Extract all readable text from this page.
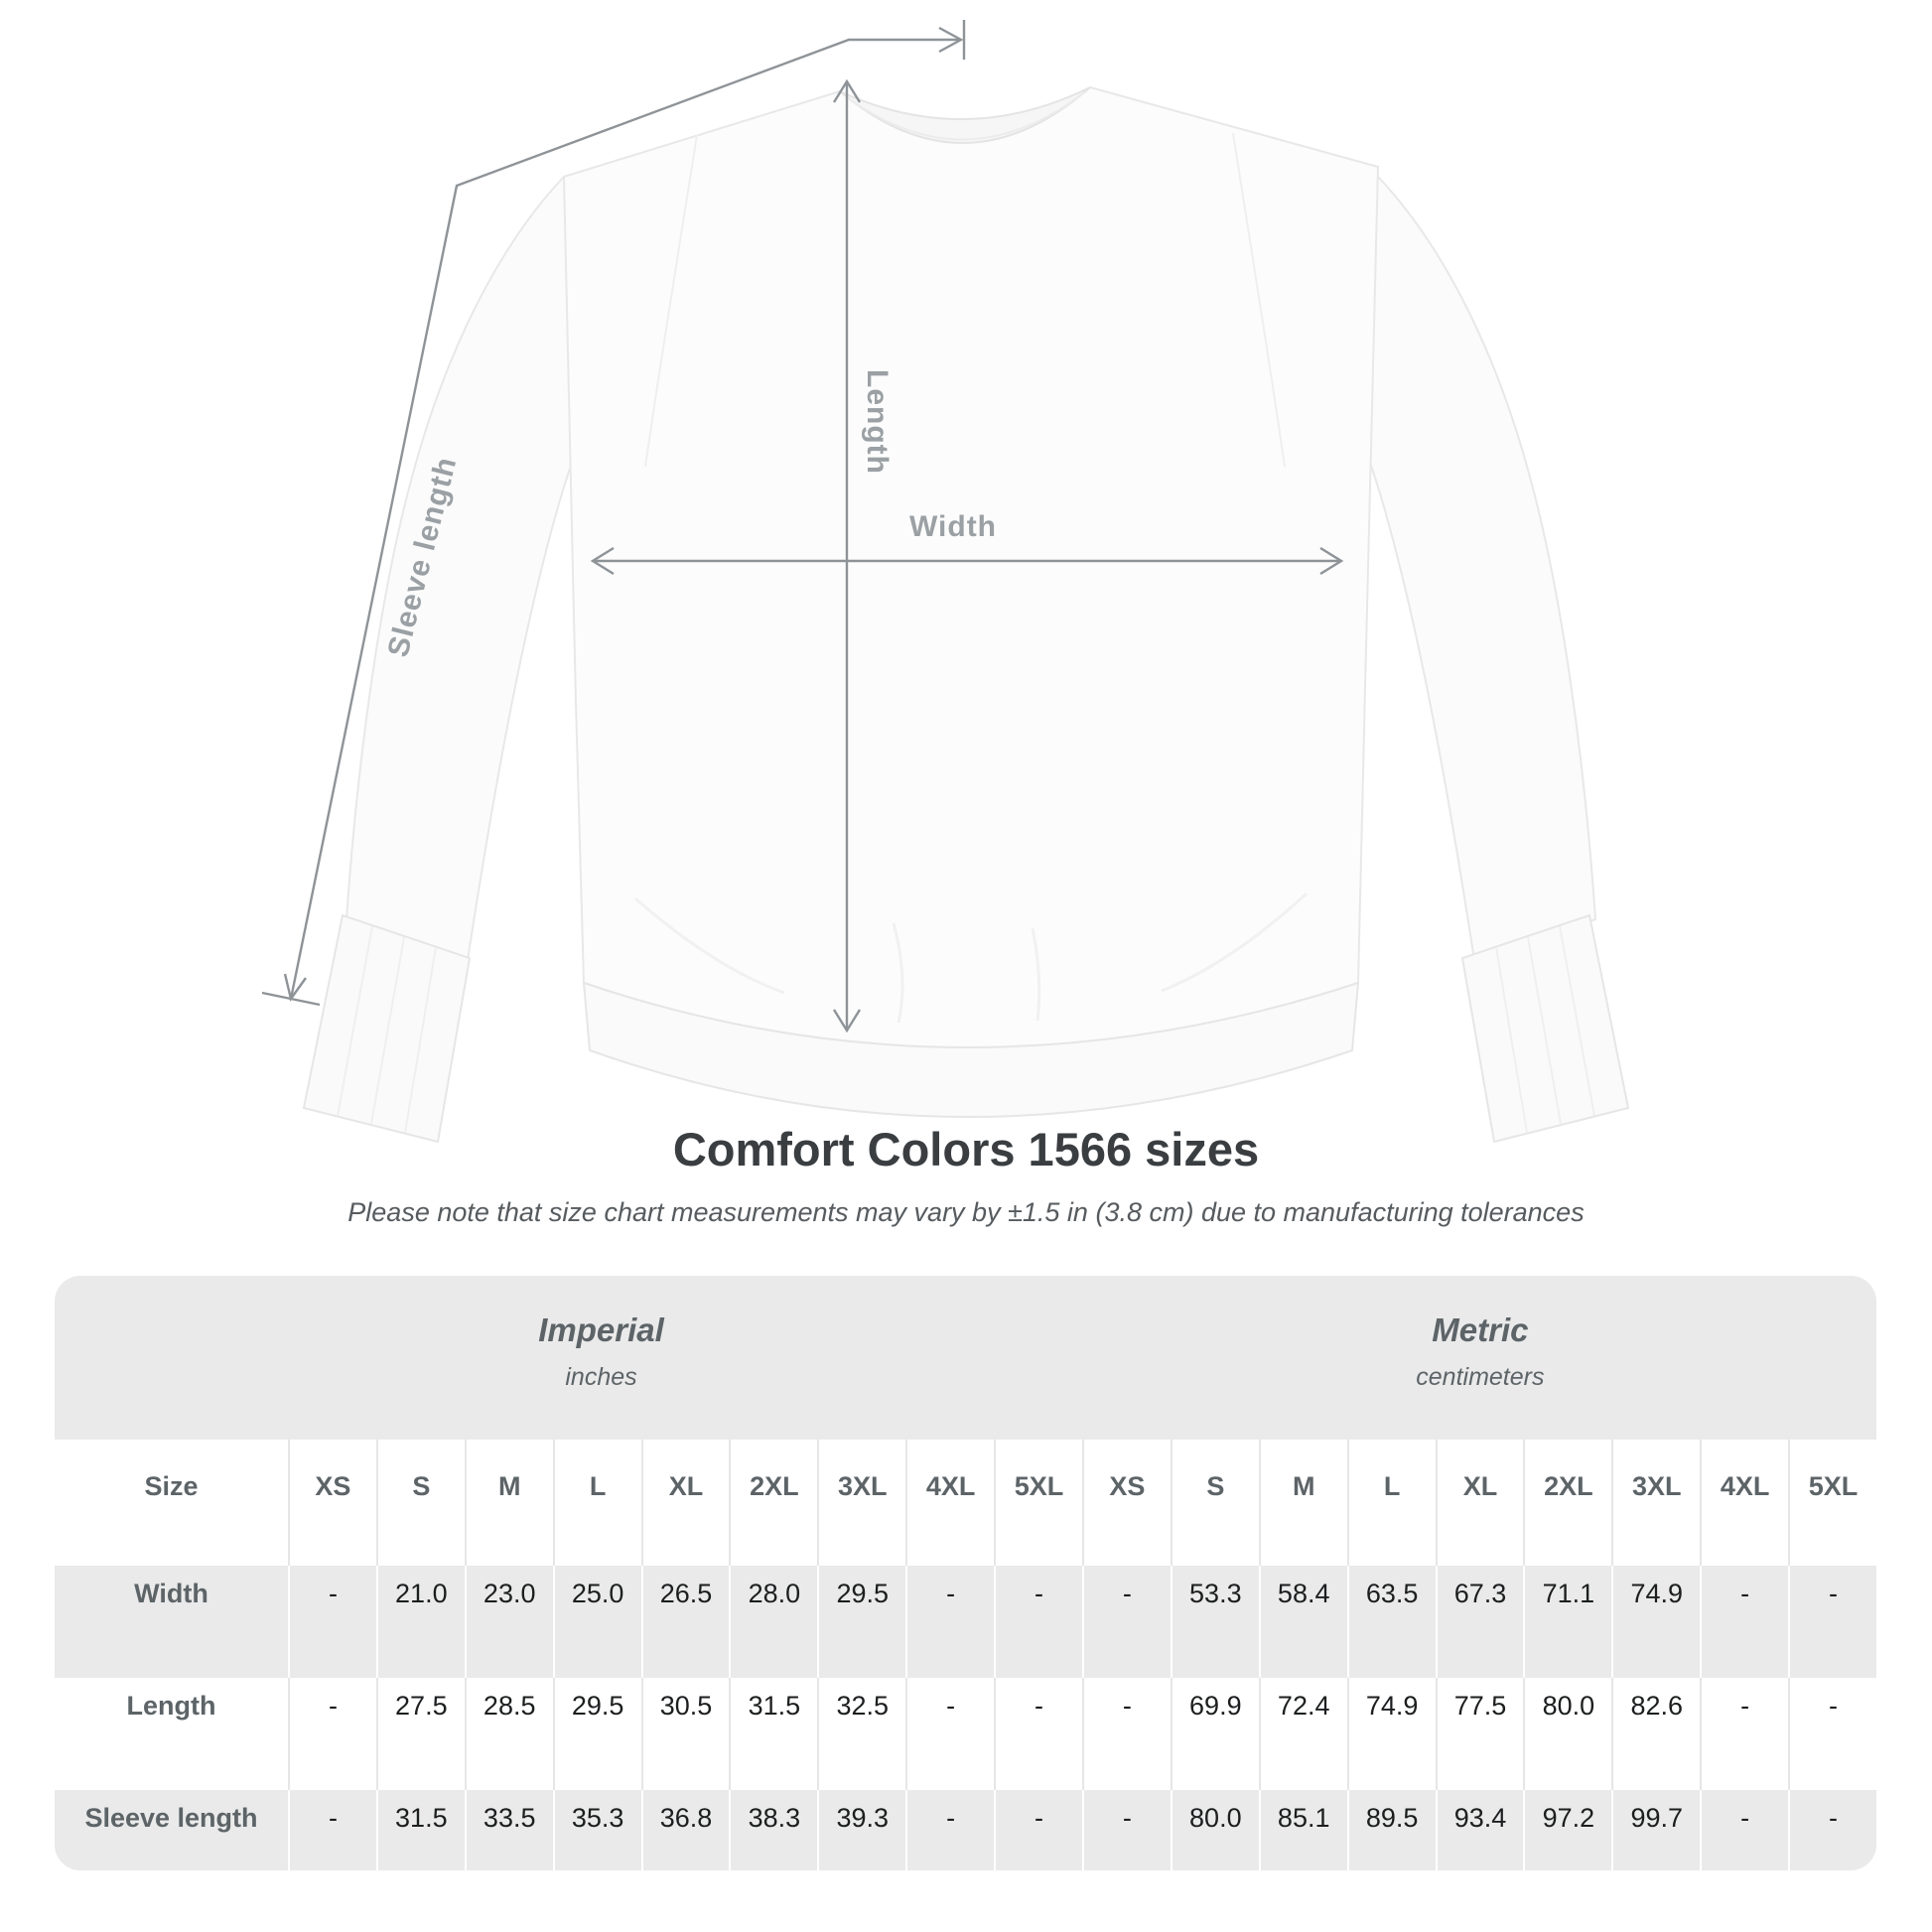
Length
Width
Sleeve length
Comfort Colors 1566 sizes
Please note that size chart measurements may vary by ±1.5 in (3.8 cm) due to manufacturing tolerances
Imperial
inches
Metric
centimeters
Size	XS	S	M	L	XL	2XL	3XL	4XL	5XL	XS	S	M	L	XL	2XL	3XL	4XL	5XL
Width	-	21.0	23.0	25.0	26.5	28.0	29.5	-	-	-	53.3	58.4	63.5	67.3	71.1	74.9	-	-
Length	-	27.5	28.5	29.5	30.5	31.5	32.5	-	-	-	69.9	72.4	74.9	77.5	80.0	82.6	-	-
Sleeve length	-	31.5	33.5	35.3	36.8	38.3	39.3	-	-	-	80.0	85.1	89.5	93.4	97.2	99.7	-	-
